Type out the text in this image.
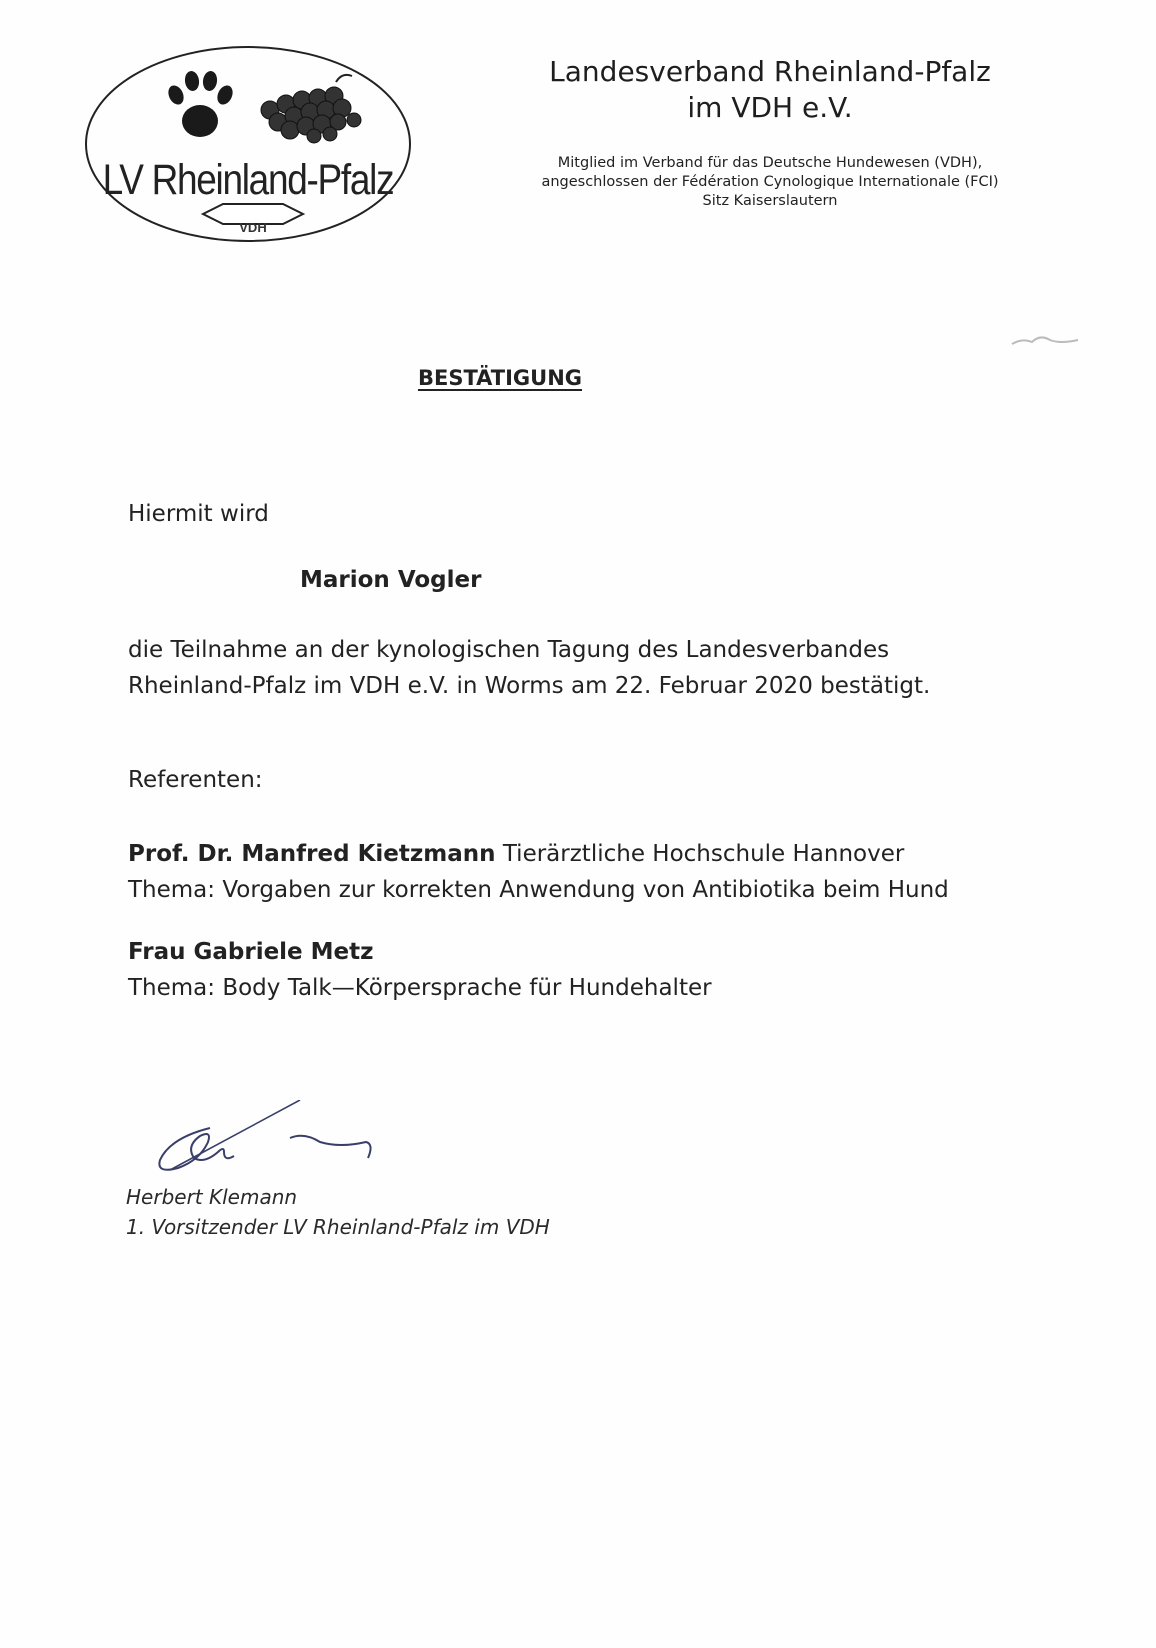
LV Rheinland-Pfalz
VDH
Landesverband Rheinland-Pfalz
im VDH e.V.
Mitglied im Verband für das Deutsche Hundewesen (VDH),
angeschlossen der Fédération Cynologique Internationale (FCI)
Sitz Kaiserslautern
BESTÄTIGUNG
Hiermit wird
Marion Vogler
die Teilnahme an der kynologischen Tagung des Landesverbandes
Rheinland-Pfalz im VDH e.V. in Worms am 22. Februar 2020 bestätigt.
Referenten:
Prof. Dr. Manfred Kietzmann Tierärztliche Hochschule Hannover
Thema: Vorgaben zur korrekten Anwendung von Antibiotika beim Hund
Frau Gabriele Metz
Thema: Body Talk—Körpersprache für Hundehalter
Herbert Klemann
1. Vorsitzender LV Rheinland-Pfalz im VDH
